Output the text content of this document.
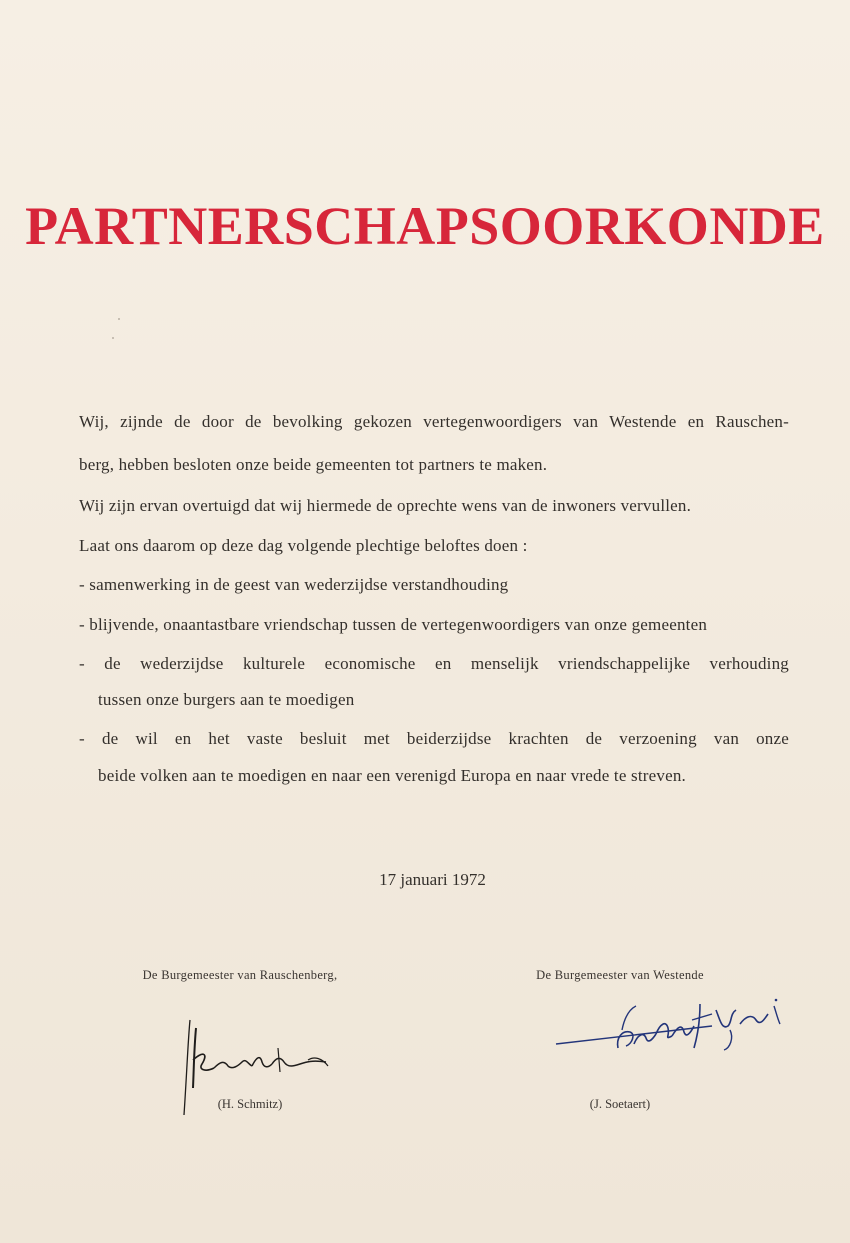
PARTNERSCHAPSOORKONDE
Wij, zijnde de door de bevolking gekozen vertegenwoordigers van Westende en Rauschen-
berg, hebben besloten onze beide gemeenten tot partners te maken.
Wij zijn ervan overtuigd dat wij hiermede de oprechte wens van de inwoners vervullen.
Laat ons daarom op deze dag volgende plechtige beloftes doen :
- samenwerking in de geest van wederzijdse verstandhouding
- blijvende, onaantastbare vriendschap tussen de vertegenwoordigers van onze gemeenten
- de wederzijdse kulturele economische en menselijk vriendschappelijke verhouding
tussen onze burgers aan te moedigen
- de wil en het vaste besluit met beiderzijdse krachten de verzoening van onze
beide volken aan te moedigen en naar een verenigd Europa en naar vrede te streven.
17 januari 1972
De Burgemeester van Rauschenberg,	De Burgemeester van Westende
(H. Schmitz)	(J. Soetaert)
